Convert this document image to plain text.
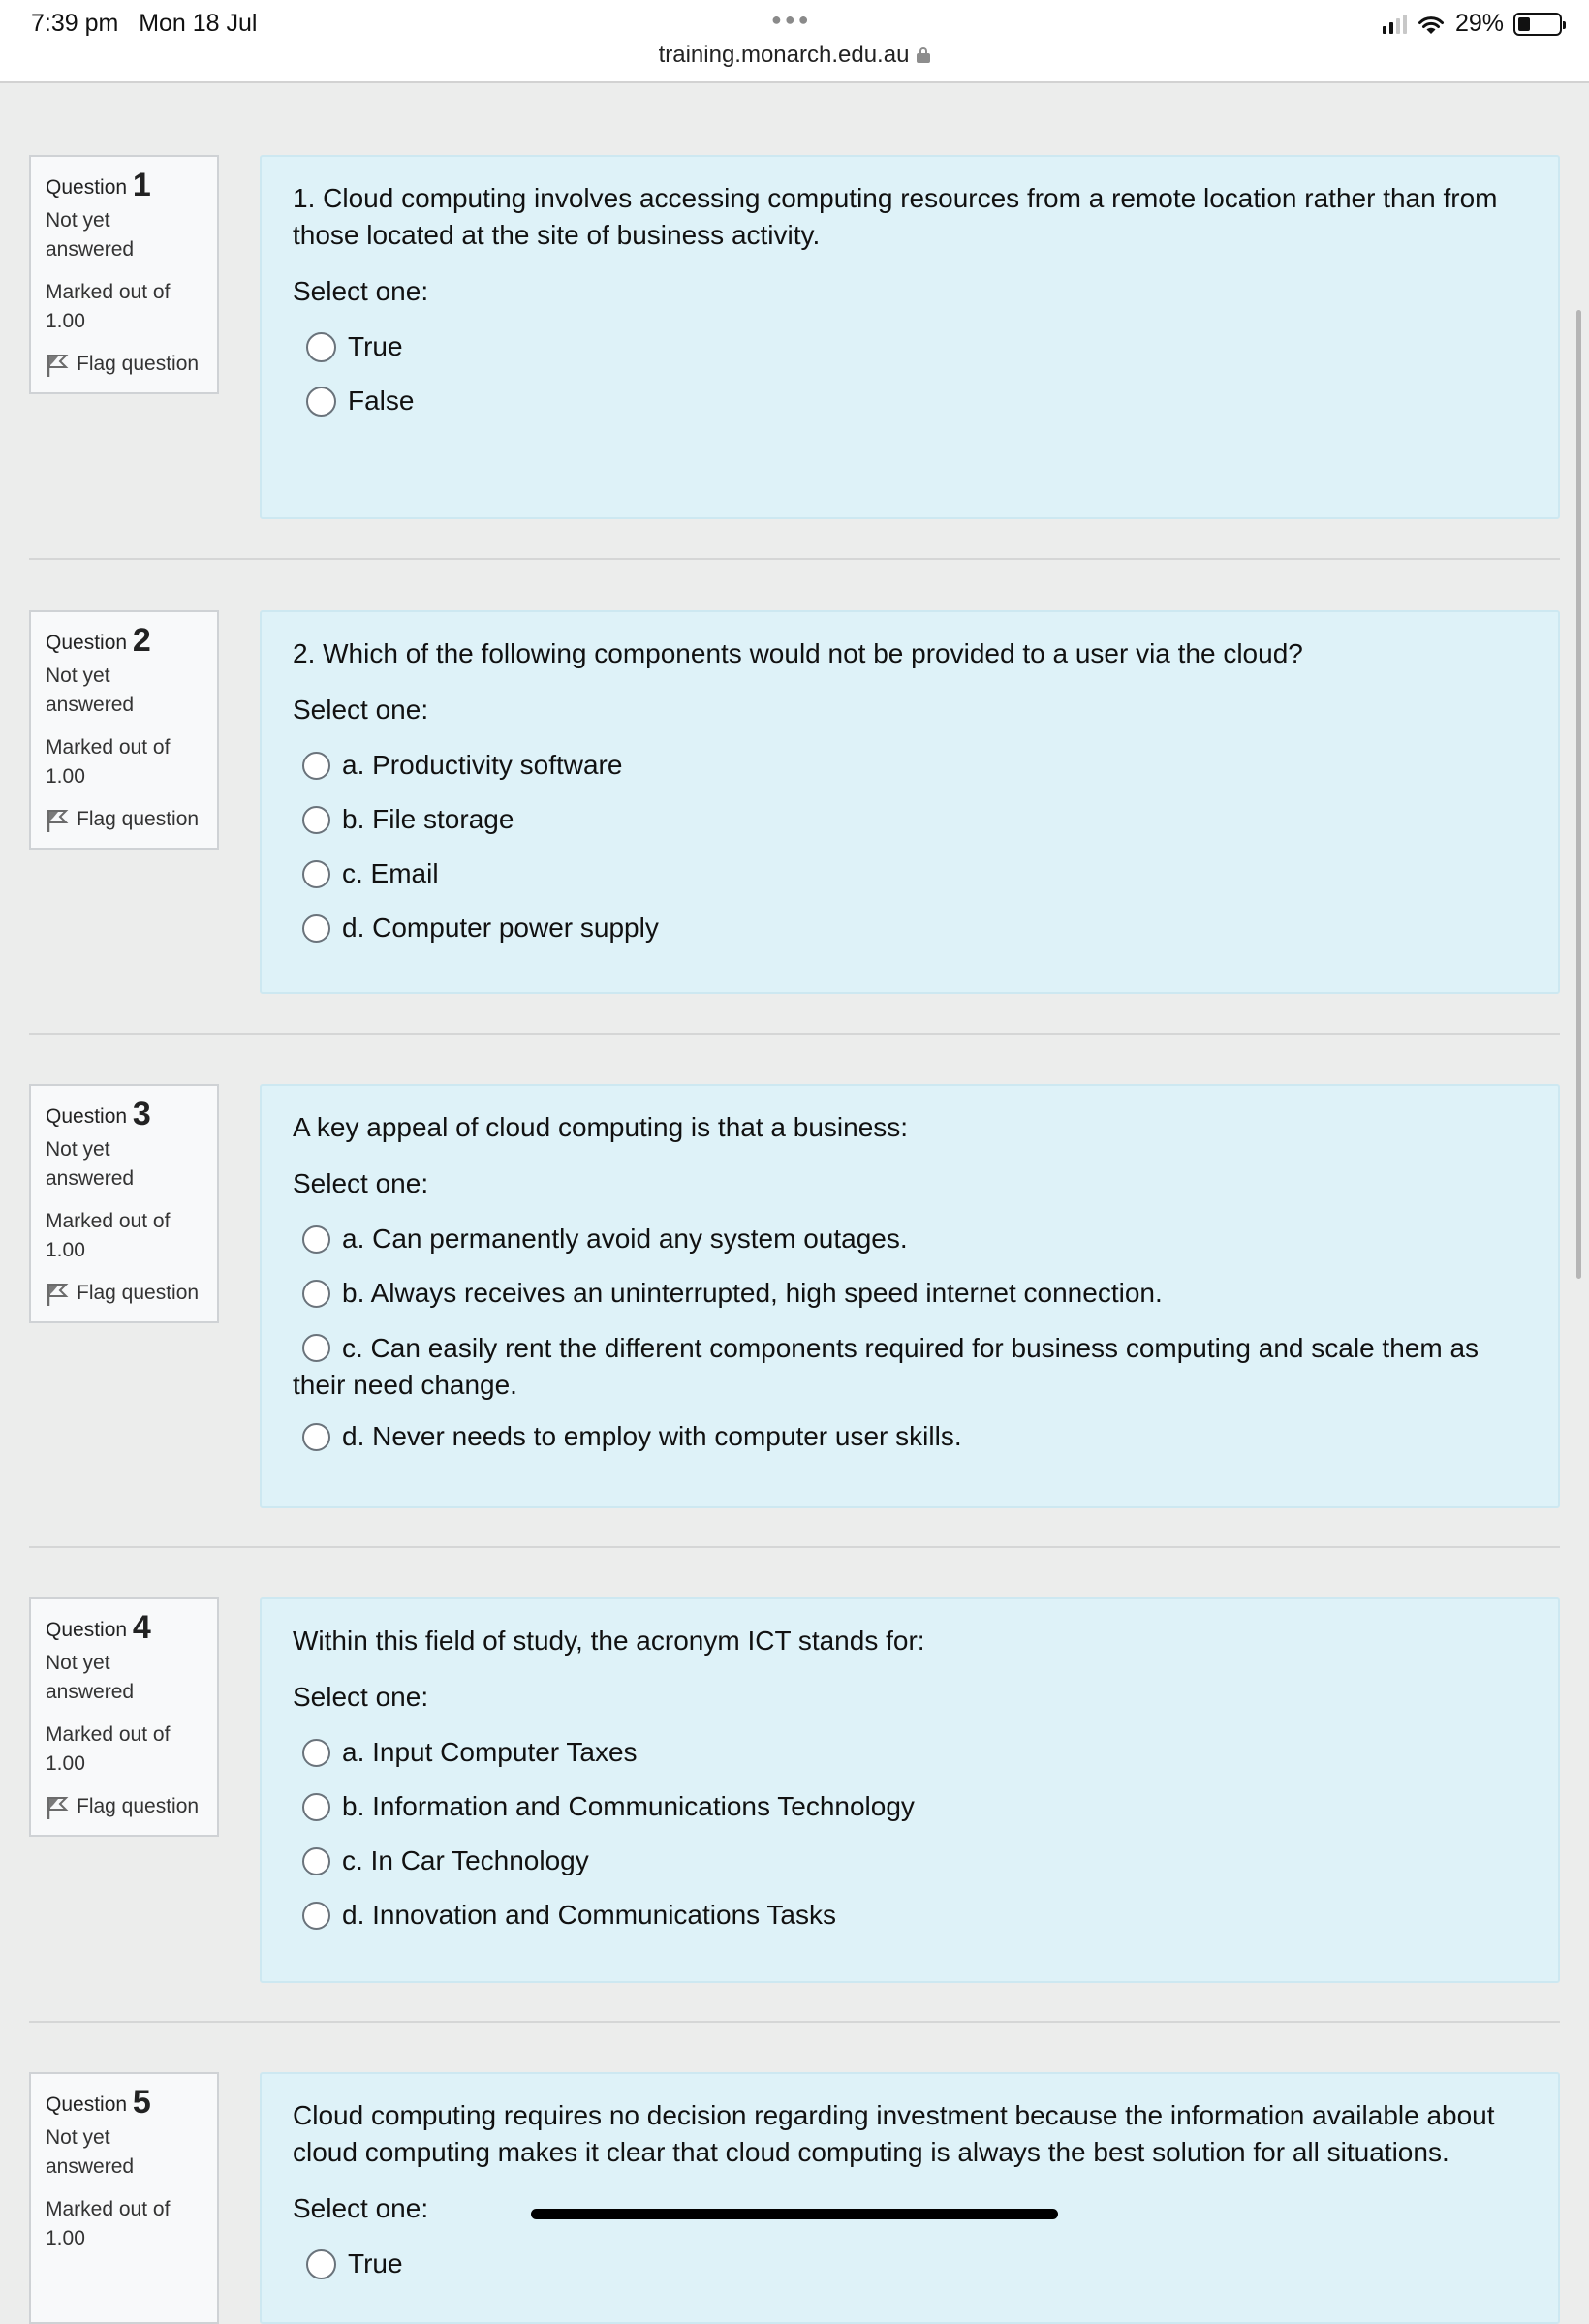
7:39 pm Mon 18 Jul	●●●
training.monarch.edu.au
29%
Question 1
Not yet answered
Marked out of 1.00
Flag question
1. Cloud computing involves accessing computing resources from a remote location rather than from those located at the site of business activity.
Select one:
True
False
Question 2
Not yet answered
Marked out of 1.00
Flag question
2. Which of the following components would not be provided to a user via the cloud?
Select one:
a. Productivity software
b. File storage
c. Email
d. Computer power supply
Question 3
Not yet answered
Marked out of 1.00
Flag question
A key appeal of cloud computing is that a business:
Select one:
a. Can permanently avoid any system outages.
b. Always receives an uninterrupted, high speed internet connection.
c. Can easily rent the different components required for business computing and scale them as their need change.
d. Never needs to employ with computer user skills.
Question 4
Not yet answered
Marked out of 1.00
Flag question
Within this field of study, the acronym ICT stands for:
Select one:
a. Input Computer Taxes
b. Information and Communications Technology
c. In Car Technology
d. Innovation and Communications Tasks
Question 5
Not yet answered
Marked out of 1.00
Cloud computing requires no decision regarding investment because the information available about cloud computing makes it clear that cloud computing is always the best solution for all situations.
Select one:
True
